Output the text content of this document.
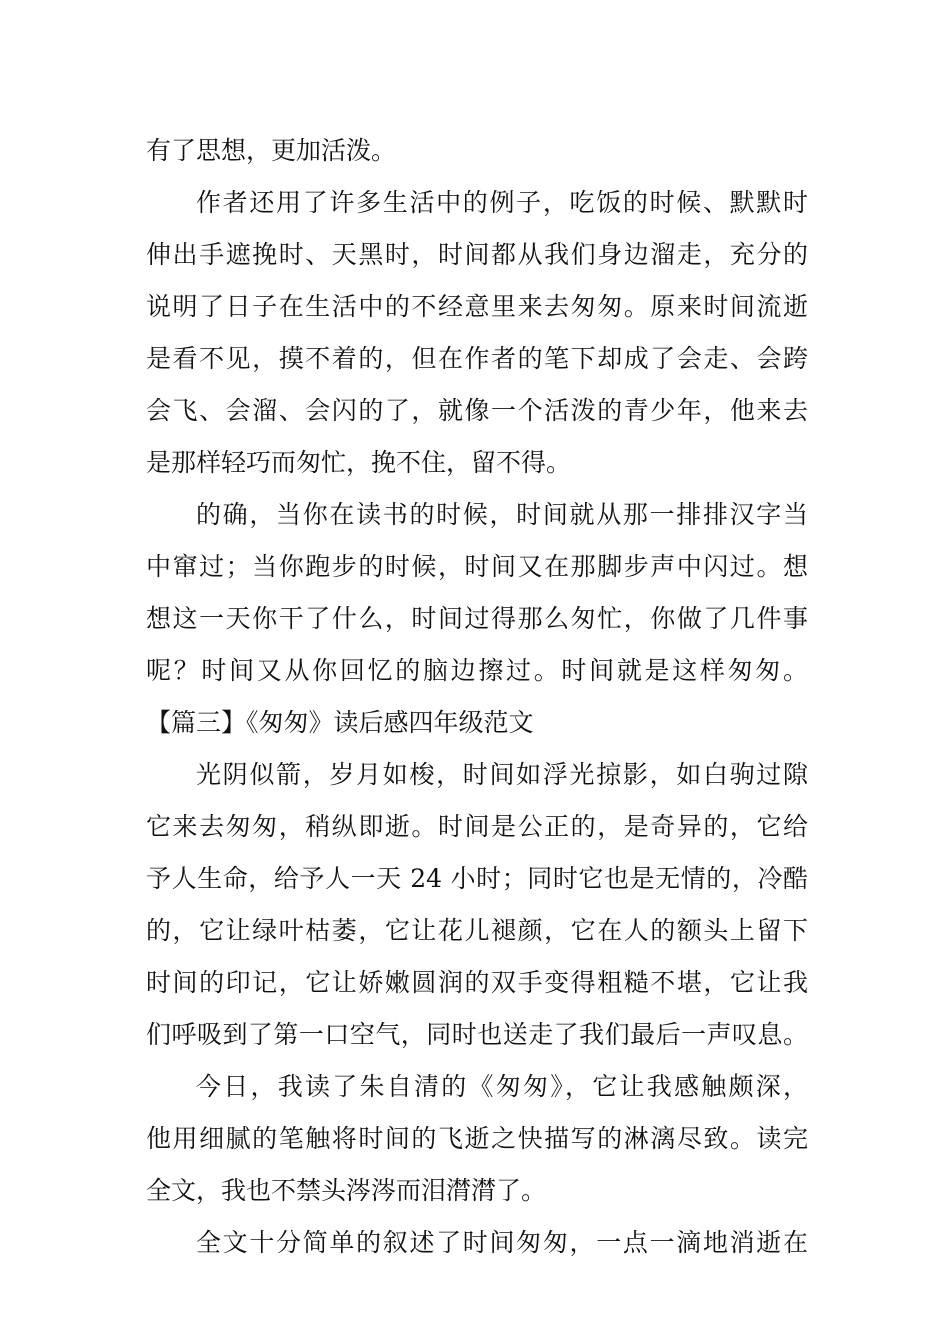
有了思想，更加活泼。
作者还用了许多生活中的例子，吃饭的时候、默默时
伸出手遮挽时、天黑时，时间都从我们身边溜走，充分的
说明了日子在生活中的不经意里来去匆匆。原来时间流逝
是看不见，摸不着的，但在作者的笔下却成了会走、会跨
会飞、会溜、会闪的了，就像一个活泼的青少年，他来去
是那样轻巧而匆忙，挽不住，留不得。
的确，当你在读书的时候，时间就从那一排排汉字当
中窜过；当你跑步的时候，时间又在那脚步声中闪过。想
想这一天你干了什么，时间过得那么匆忙，你做了几件事
呢？时间又从你回忆的脑边擦过。时间就是这样匆匆。
【篇三】《匆匆》读后感四年级范文
光阴似箭，岁月如梭，时间如浮光掠影，如白驹过隙
它来去匆匆，稍纵即逝。时间是公正的，是奇异的，它给
予人生命，给予人一天 24 小时；同时它也是无情的，冷酷
的，它让绿叶枯萎，它让花儿褪颜，它在人的额头上留下
时间的印记，它让娇嫩圆润的双手变得粗糙不堪，它让我
们呼吸到了第一口空气，同时也送走了我们最后一声叹息。
今日，我读了朱自清的《匆匆》，它让我感触颇深，
他用细腻的笔触将时间的飞逝之快描写的淋漓尽致。读完
全文，我也不禁头涔涔而泪潸潸了。
全文十分简单的叙述了时间匆匆，一点一滴地消逝在
